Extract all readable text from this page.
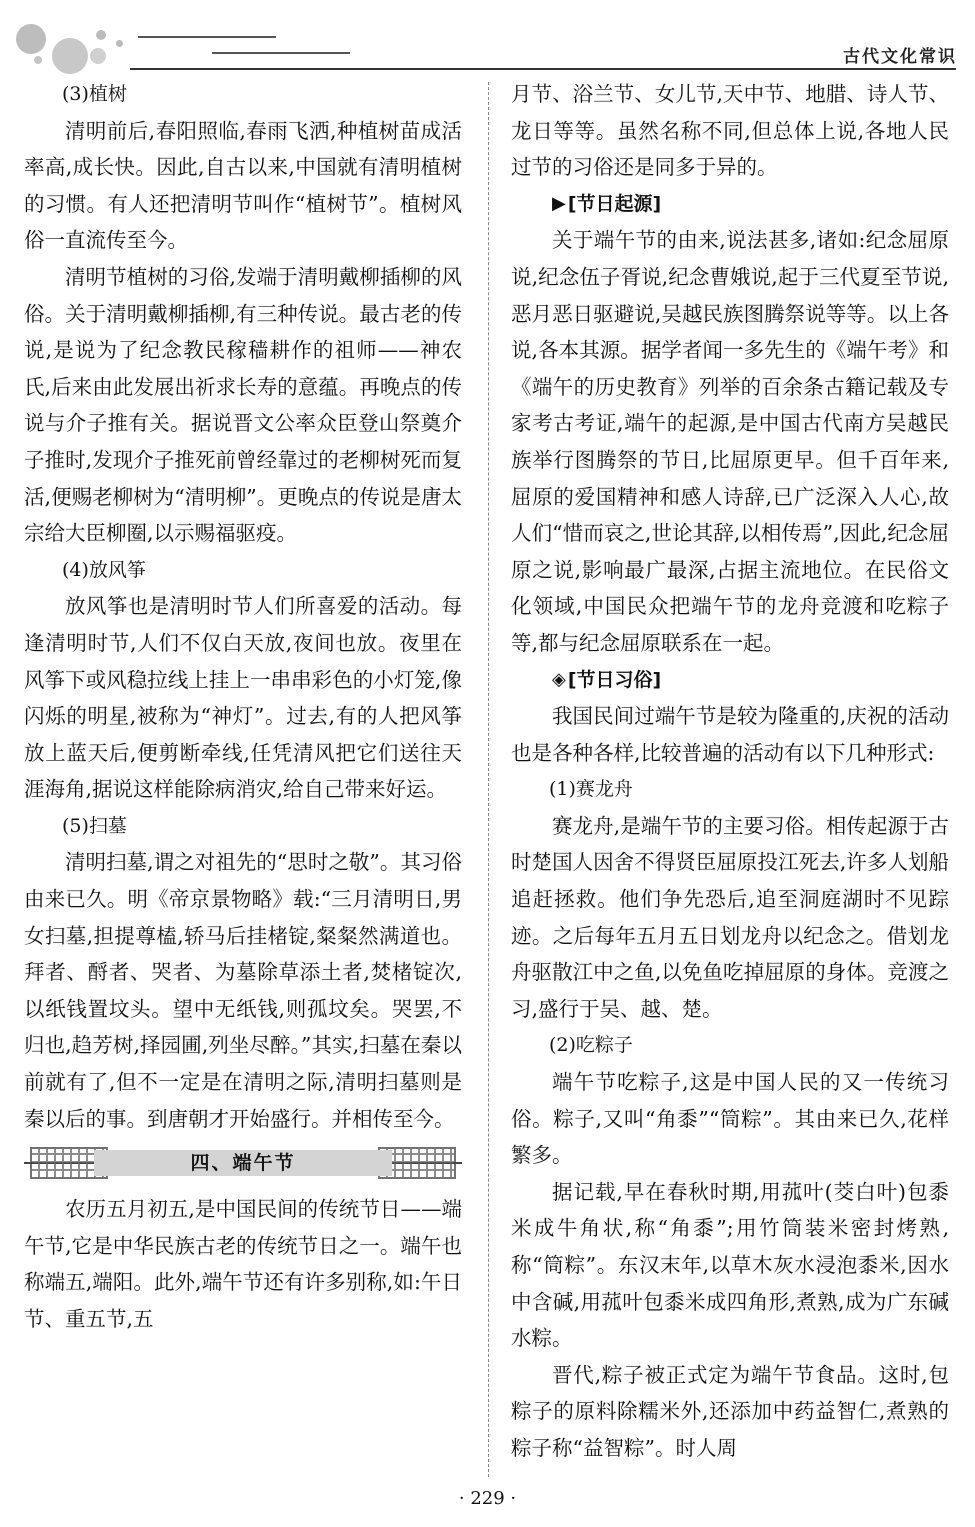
古代文化常识

(3)植树

清明前后,春阳照临,春雨飞洒,种植树苗成活率高,成长快。因此,自古以来,中国就有清明植树的习惯。有人还把清明节叫作“植树节”。植树风俗一直流传至今。

清明节植树的习俗,发端于清明戴柳插柳的风俗。关于清明戴柳插柳,有三种传说。最古老的传说,是说为了纪念教民稼穑耕作的祖师——神农氏,后来由此发展出祈求长寿的意蕴。再晚点的传说与介子推有关。据说晋文公率众臣登山祭奠介子推时,发现介子推死前曾经靠过的老柳树死而复活,便赐老柳树为“清明柳”。更晚点的传说是唐太宗给大臣柳圈,以示赐福驱疫。

(4)放风筝

放风筝也是清明时节人们所喜爱的活动。每逢清明时节,人们不仅白天放,夜间也放。夜里在风筝下或风稳拉线上挂上一串串彩色的小灯笼,像闪烁的明星,被称为“神灯”。过去,有的人把风筝放上蓝天后,便剪断牵线,任凭清风把它们送往天涯海角,据说这样能除病消灾,给自己带来好运。

(5)扫墓

清明扫墓,谓之对祖先的“思时之敬”。其习俗由来已久。明《帝京景物略》载:“三月清明日,男女扫墓,担提尊榼,轿马后挂楮锭,粲粲然满道也。拜者、酹者、哭者、为墓除草添土者,焚楮锭次,以纸钱置坟头。望中无纸钱,则孤坟矣。哭罢,不归也,趋芳树,择园圃,列坐尽醉。”其实,扫墓在秦以前就有了,但不一定是在清明之际,清明扫墓则是秦以后的事。到唐朝才开始盛行。并相传至今。

四、端午节

农历五月初五,是中国民间的传统节日——端午节,它是中华民族古老的传统节日之一。端午也称端五,端阳。此外,端午节还有许多别称,如:午日节、重五节,五

月节、浴兰节、女儿节,天中节、地腊、诗人节、龙日等等。虽然名称不同,但总体上说,各地人民过节的习俗还是同多于异的。

▶ [节日起源]

关于端午节的由来,说法甚多,诸如:纪念屈原说,纪念伍子胥说,纪念曹娥说,起于三代夏至节说,恶月恶日驱避说,吴越民族图腾祭说等等。以上各说,各本其源。据学者闻一多先生的《端午考》和《端午的历史教育》列举的百余条古籍记载及专家考古考证,端午的起源,是中国古代南方吴越民族举行图腾祭的节日,比屈原更早。但千百年来,屈原的爱国精神和感人诗辞,已广泛深入人心,故人们“惜而哀之,世论其辞,以相传焉”,因此,纪念屈原之说,影响最广最深,占据主流地位。在民俗文化领域,中国民众把端午节的龙舟竞渡和吃粽子等,都与纪念屈原联系在一起。

◈ [节日习俗]

我国民间过端午节是较为隆重的,庆祝的活动也是各种各样,比较普遍的活动有以下几种形式:

(1)赛龙舟

赛龙舟,是端午节的主要习俗。相传起源于古时楚国人因舍不得贤臣屈原投江死去,许多人划船追赶拯救。他们争先恐后,追至洞庭湖时不见踪迹。之后每年五月五日划龙舟以纪念之。借划龙舟驱散江中之鱼,以免鱼吃掉屈原的身体。竞渡之习,盛行于吴、越、楚。

(2)吃粽子

端午节吃粽子,这是中国人民的又一传统习俗。粽子,又叫“角黍”“筒粽”。其由来已久,花样繁多。

据记载,早在春秋时期,用菰叶(茭白叶)包黍米成牛角状,称“角黍”;用竹筒装米密封烤熟,称“筒粽”。东汉末年,以草木灰水浸泡黍米,因水中含碱,用菰叶包黍米成四角形,煮熟,成为广东碱水粽。

晋代,粽子被正式定为端午节食品。这时,包粽子的原料除糯米外,还添加中药益智仁,煮熟的粽子称“益智粽”。时人周

· 229 ·
